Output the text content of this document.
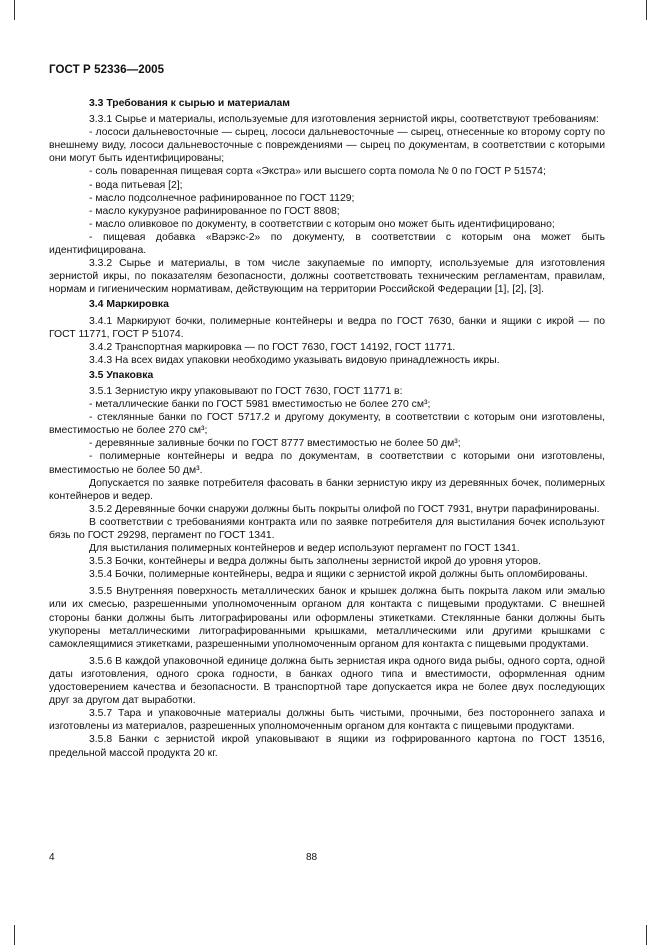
ГОСТ Р 52336—2005

3.3 Требования к сырью и материалам

3.3.1 Сырье и материалы, используемые для изготовления зернистой икры, соответствуют требованиям:

- лососи дальневосточные — сырец, лососи дальневосточные — сырец, отнесенные ко второму сорту по внешнему виду, лососи дальневосточные с повреждениями — сырец по документам, в соответствии с которыми они могут быть идентифицированы;

- соль поваренная пищевая сорта «Экстра» или высшего сорта помола № 0 по ГОСТ Р 51574;

- вода питьевая [2];

- масло подсолнечное рафинированное по ГОСТ 1129;

- масло кукурузное рафинированное по ГОСТ 8808;

- масло оливковое по документу, в соответствии с которым оно может быть идентифицировано;

- пищевая добавка «Варэкс-2» по документу, в соответствии с которым она может быть идентифицирована.

3.3.2 Сырье и материалы, в том числе закупаемые по импорту, используемые для изготовления зернистой икры, по показателям безопасности, должны соответствовать техническим регламентам, правилам, нормам и гигиеническим нормативам, действующим на территории Российской Федерации [1], [2], [3].

3.4 Маркировка

3.4.1 Маркируют бочки, полимерные контейнеры и ведра по ГОСТ 7630, банки и ящики с икрой — по ГОСТ 11771, ГОСТ Р 51074.

3.4.2 Транспортная маркировка — по ГОСТ 7630, ГОСТ 14192, ГОСТ 11771.

3.4.3 На всех видах упаковки необходимо указывать видовую принадлежность икры.

3.5 Упаковка

3.5.1 Зернистую икру упаковывают по ГОСТ 7630, ГОСТ 11771 в:

- металлические банки по ГОСТ 5981 вместимостью не более 270 см³;

- стеклянные банки по ГОСТ 5717.2 и другому документу, в соответствии с которым они изготовлены, вместимостью не более 270 см³;

- деревянные заливные бочки по ГОСТ 8777 вместимостью не более 50 дм³;

- полимерные контейнеры и ведра по документам, в соответствии с которыми они изготовлены, вместимостью не более 50 дм³.

Допускается по заявке потребителя фасовать в банки зернистую икру из деревянных бочек, полимерных контейнеров и ведер.

3.5.2 Деревянные бочки снаружи должны быть покрыты олифой по ГОСТ 7931, внутри парафинированы.

В соответствии с требованиями контракта или по заявке потребителя для выстилания бочек используют бязь по ГОСТ 29298, пергамент по ГОСТ 1341.

Для выстилания полимерных контейнеров и ведер используют пергамент по ГОСТ 1341.

3.5.3 Бочки, контейнеры и ведра должны быть заполнены зернистой икрой до уровня уторов.

3.5.4 Бочки, полимерные контейнеры, ведра и ящики с зернистой икрой должны быть опломбированы.

3.5.5 Внутренняя поверхность металлических банок и крышек должна быть покрыта лаком или эмалью или их смесью, разрешенными уполномоченным органом для контакта с пищевыми продуктами. С внешней стороны банки должны быть литографированы или оформлены этикетками. Стеклянные банки должны быть укупорены металлическими литографированными крышками, металлическими или другими крышками с самоклеящимися этикетками, разрешенными уполномоченным органом для контакта с пищевыми продуктами.

3.5.6 В каждой упаковочной единице должна быть зернистая икра одного вида рыбы, одного сорта, одной даты изготовления, одного срока годности, в банках одного типа и вместимости, оформленная одним удостоверением качества и безопасности. В транспортной таре допускается икра не более двух последующих друг за другом дат выработки.

3.5.7 Тара и упаковочные материалы должны быть чистыми, прочными, без постороннего запаха и изготовлены из материалов, разрешенных уполномоченным органом для контакта с пищевыми продуктами.

3.5.8 Банки с зернистой икрой упаковывают в ящики из гофрированного картона по ГОСТ 13516, предельной массой продукта 20 кг.

4	88
